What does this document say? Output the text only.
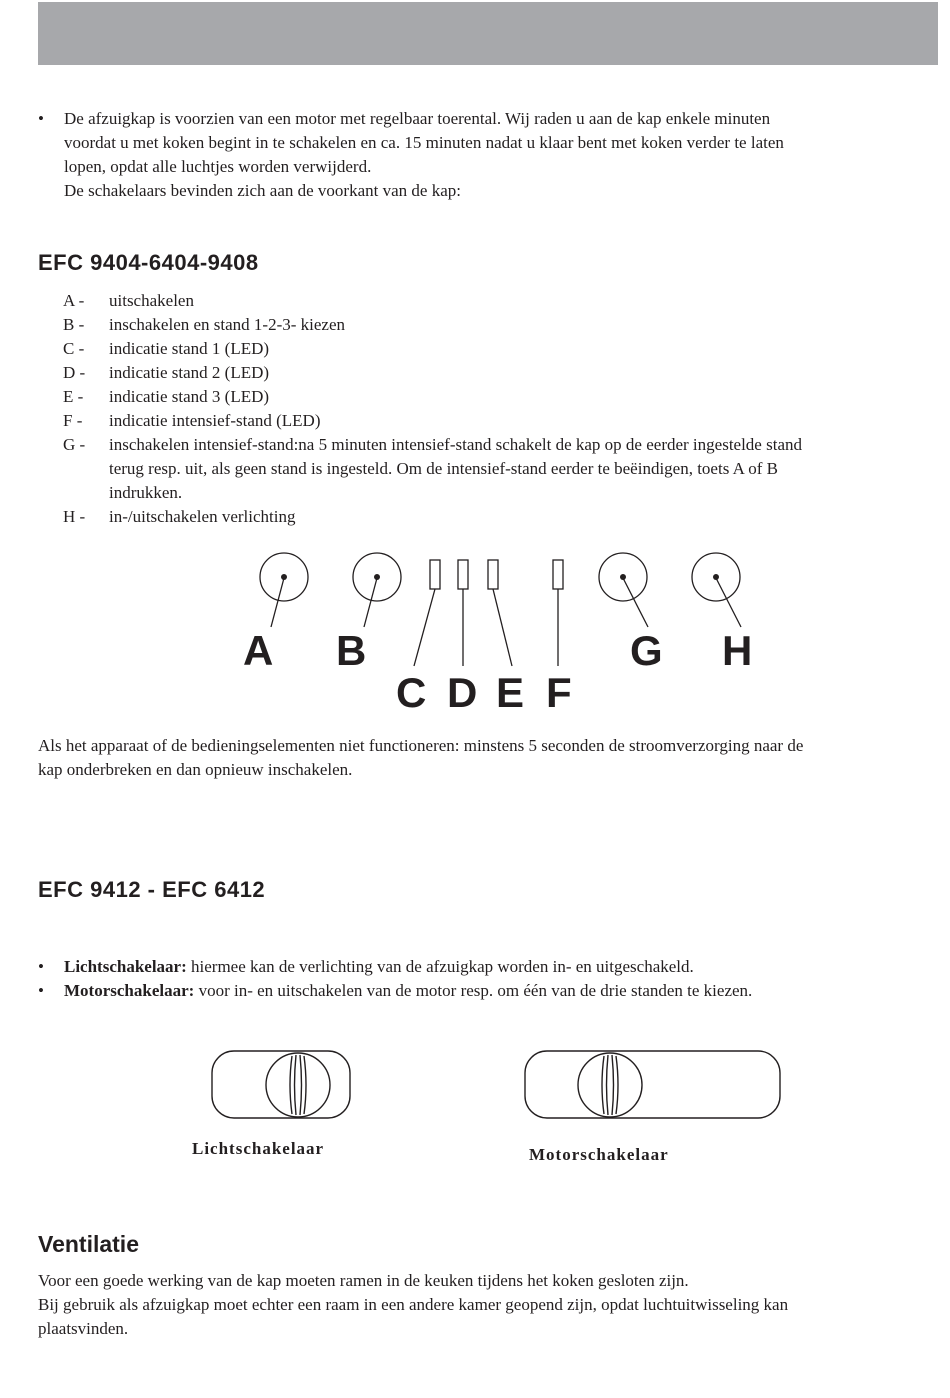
• De afzuigkap is voorzien van een motor met regelbaar toerental. Wij raden u aan de kap enkele minuten
voordat u met koken begint in te schakelen en ca. 15 minuten nadat u klaar bent met koken verder te laten
lopen, opdat alle luchtjes worden verwijderd.
De schakelaars bevinden zich aan de voorkant van de kap:
EFC 9404-6404-9408
A -	uitschakelen
B -	inschakelen en stand 1-2-3- kiezen
C -	indicatie stand 1 (LED)
D -	indicatie stand 2 (LED)
E -	indicatie stand 3 (LED)
F -	indicatie intensief-stand (LED)
G -	inschakelen intensief-stand:na 5 minuten intensief-stand schakelt de kap op de eerder ingestelde stand
terug resp. uit, als geen stand is ingesteld. Om de intensief-stand eerder te beëindigen, toets A of B
indrukken.
H -	in-/uitschakelen verlichting
A B	G H
C D E F
Als het apparaat of de bedieningselementen niet functioneren: minstens 5 seconden de stroomverzorging naar de
kap onderbreken en dan opnieuw inschakelen.
EFC 9412 - EFC 6412
• Lichtschakelaar: hiermee kan de verlichting van de afzuigkap worden in- en uitgeschakeld.
• Motorschakelaar: voor in- en uitschakelen van de motor resp. om één van de drie standen te kiezen.
Lichtschakelaar	Motorschakelaar
Ventilatie
Voor een goede werking van de kap moeten ramen in de keuken tijdens het koken gesloten zijn.
Bij gebruik als afzuigkap moet echter een raam in een andere kamer geopend zijn, opdat luchtuitwisseling kan
plaatsvinden.
